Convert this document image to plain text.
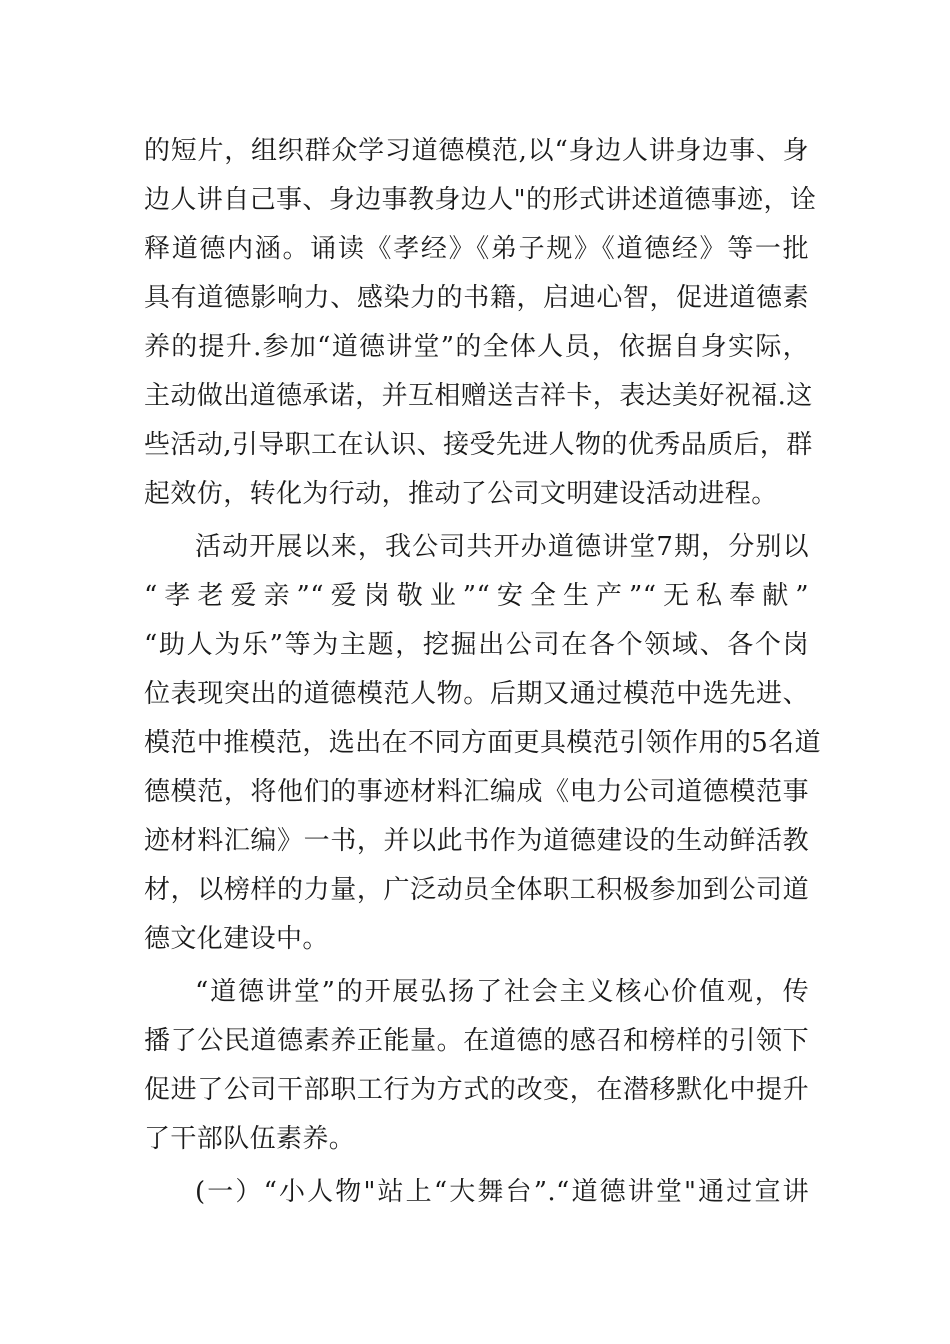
的短片，组织群众学习道德模范,以“身边人讲身边事、身
边人讲自己事、身边事教身边人"的形式讲述道德事迹，诠
释道德内涵。诵读《孝经》《弟子规》《道德经》等一批
具有道德影响力、感染力的书籍，启迪心智，促进道德素
养的提升.参加“道德讲堂”的全体人员，依据自身实际，
主动做出道德承诺，并互相赠送吉祥卡，表达美好祝福.这
些活动,引导职工在认识、接受先进人物的优秀品质后，群
起效仿，转化为行动，推动了公司文明建设活动进程。
活动开展以来，我公司共开办道德讲堂7期，分别以
“孝老爱亲”“爱岗敬业”“安全生产”“无私奉献”
“助人为乐”等为主题，挖掘出公司在各个领域、各个岗
位表现突出的道德模范人物。后期又通过模范中选先进、
模范中推模范，选出在不同方面更具模范引领作用的5名道
德模范，将他们的事迹材料汇编成《电力公司道德模范事
迹材料汇编》一书，并以此书作为道德建设的生动鲜活教
材，以榜样的力量，广泛动员全体职工积极参加到公司道
德文化建设中。
“道德讲堂”的开展弘扬了社会主义核心价值观，传
播了公民道德素养正能量。在道德的感召和榜样的引领下
促进了公司干部职工行为方式的改变，在潜移默化中提升
了干部队伍素养。
(一）“小人物"站上“大舞台”.“道德讲堂"通过宣讲
